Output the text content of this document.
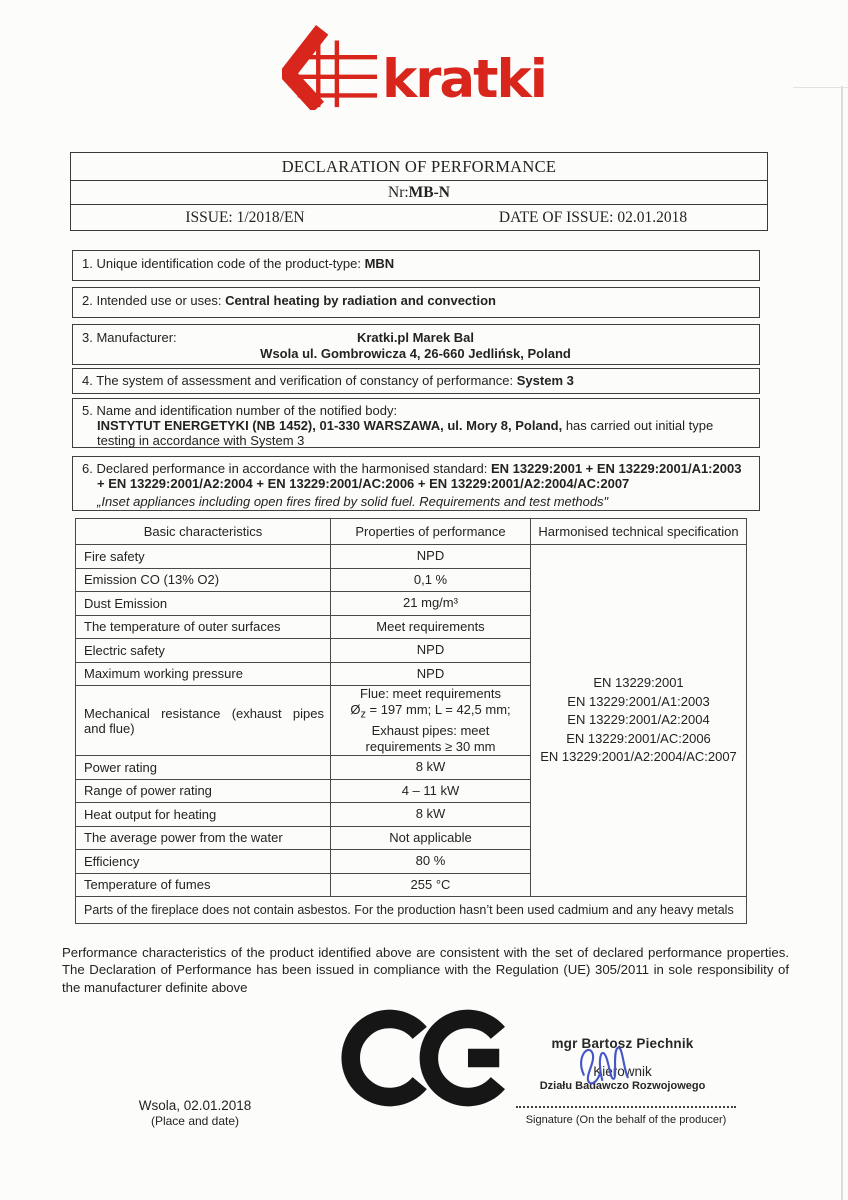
kratki
DECLARATION OF PERFORMANCE
Nr: MB-N
ISSUE: 1/2018/EN	DATE OF ISSUE: 02.01.2018
1. Unique identification code of the product-type: MBN
2. Intended use or uses: Central heating by radiation and convection
3. Manufacturer:	Kratki.pl Marek Bal
Wsola ul. Gombrowicza 4, 26-660 Jedlińsk, Poland
4. The system of assessment and verification of constancy of performance: System 3
5. Name and identification number of the notified body:
INSTYTUT ENERGETYKI (NB 1452), 01-330 WARSZAWA, ul. Mory 8, Poland, has carried out initial type testing in accordance with System 3
6. Declared performance in accordance with the harmonised standard: EN 13229:2001 + EN 13229:2001/A1:2003 + EN 13229:2001/A2:2004 + EN 13229:2001/AC:2006 + EN 13229:2001/A2:2004/AC:2007
„Inset appliances including open fires fired by solid fuel. Requirements and test methods"
Basic characteristics	Properties of performance	Harmonised technical specification
Fire safety	NPD	EN 13229:2001
EN 13229:2001/A1:2003
EN 13229:2001/A2:2004
EN 13229:2001/AC:2006
EN 13229:2001/A2:2004/AC:2007

Emission CO (13% O2)	0,1 %	
Dust Emission	21 mg/m³	
The temperature of outer surfaces	Meet requirements	
Electric safety	NPD	
Maximum working pressure	NPD	
Mechanical resistance (exhaust pipes and flue)	Flue: meet requirements
$Ø_z = 197$ mm; L = 42,5 mm;
Exhaust pipes: meet
requirements ≥ 30 mm	

Power rating	8 kW	
Range of power rating	4 – 11 kW	
Heat output for heating	8 kW	
The average power from the water	Not applicable	
Efficiency	80 %	
Temperature of fumes	255 °C	
Parts of the fireplace does not contain asbestos. For the production hasn’t been used cadmium and any heavy metals		
Performance characteristics of the product identified above are consistent with the set of declared performance properties. The Declaration of Performance has been issued in compliance with the Regulation (UE) 305/2011 in sole responsibility of the manufacturer definite above
mgr Bartosz Piechnik
Kierownik
Działu Badawczo Rozwojowego
Signature (On the behalf of the producer)
Wsola, 02.01.2018
(Place and date)
